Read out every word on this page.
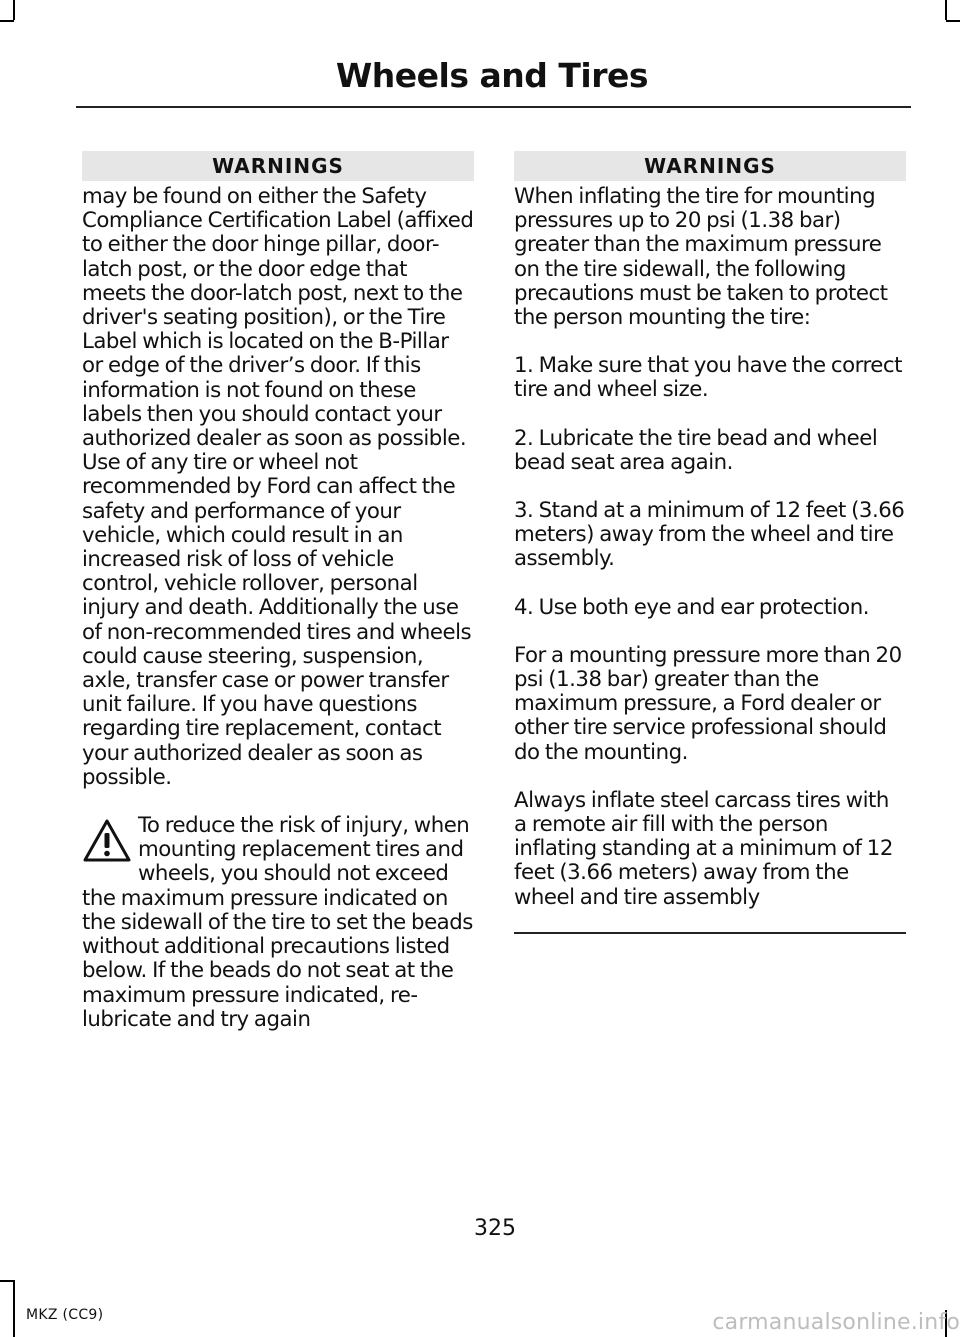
Wheels and Tires
WARNINGS

may be found on either the Safety Compliance Certification Label (affixed to either the door hinge pillar, door-latch post, or the door edge that meets the door-latch post, next to the driver's seating position), or the Tire Label which is located on the B-Pillar or edge of the driver’s door. If this information is not found on these labels then you should contact your authorized dealer as soon as possible. Use of any tire or wheel not recommended by Ford can affect the safety and performance of your vehicle, which could result in an increased risk of loss of vehicle control, vehicle rollover, personal injury and death. Additionally the use of non-recommended tires and wheels could cause steering, suspension, axle, transfer case or power transfer unit failure. If you have questions regarding tire replacement, contact your authorized dealer as soon as possible.

To reduce the risk of injury, when mounting replacement tires and wheels, you should not exceed the maximum pressure indicated on the sidewall of the tire to set the beads without additional precautions listed below. If the beads do not seat at the maximum pressure indicated, re-lubricate and try again

WARNINGS

When inflating the tire for mounting pressures up to 20 psi (1.38 bar) greater than the maximum pressure on the tire sidewall, the following precautions must be taken to protect the person mounting the tire:

1. Make sure that you have the correct tire and wheel size.

2. Lubricate the tire bead and wheel bead seat area again.

3. Stand at a minimum of 12 feet (3.66 meters) away from the wheel and tire assembly.

4. Use both eye and ear protection.

For a mounting pressure more than 20 psi (1.38 bar) greater than the maximum pressure, a Ford dealer or other tire service professional should do the mounting.

Always inflate steel carcass tires with a remote air fill with the person inflating standing at a minimum of 12 feet (3.66 meters) away from the wheel and tire assembly

325
MKZ (CC9)	carmanualsonline.info
